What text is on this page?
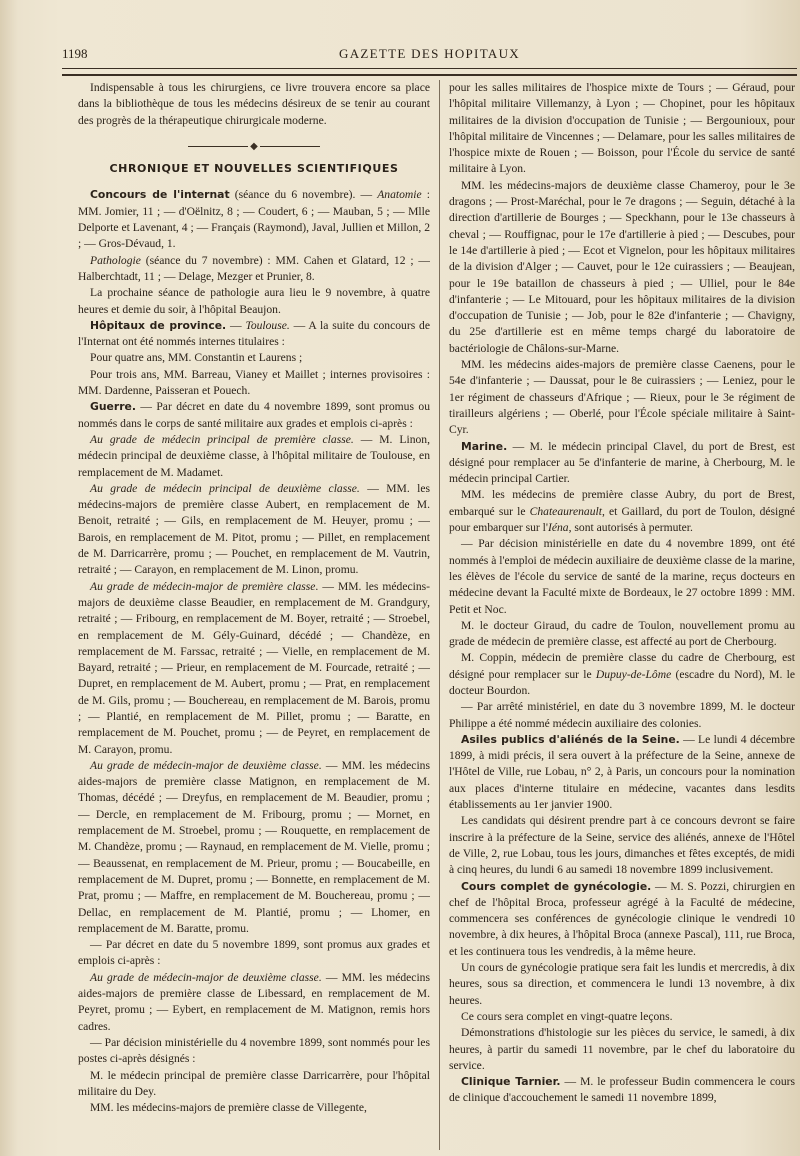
1198	GAZETTE DES HOPITAUX

Indispensable à tous les chirurgiens, ce livre trouvera encore sa place dans la bibliothèque de tous les médecins désireux de se tenir au courant des progrès de la thérapeutique chirurgicale moderne.

◆
CHRONIQUE ET NOUVELLES SCIENTIFIQUES

Concours de l'internat (séance du 6 novembre). — Anatomie : MM. Jomier, 11 ; — d'Oëlnitz, 8 ; — Coudert, 6 ; — Mauban, 5 ; — Mlle Delporte et Lavenant, 4 ; — Français (Raymond), Javal, Jullien et Millon, 2 ; — Gros-Dévaud, 1.

Pathologie (séance du 7 novembre) : MM. Cahen et Glatard, 12 ; — Halberchtadt, 11 ; — Delage, Mezger et Prunier, 8.

La prochaine séance de pathologie aura lieu le 9 novembre, à quatre heures et demie du soir, à l'hôpital Beaujon.

Hôpitaux de province. — Toulouse. — A la suite du concours de l'Internat ont été nommés internes titulaires :

Pour quatre ans, MM. Constantin et Laurens ;

Pour trois ans, MM. Barreau, Vianey et Maillet ; internes provisoires : MM. Dardenne, Paisseran et Pouech.

Guerre. — Par décret en date du 4 novembre 1899, sont promus ou nommés dans le corps de santé militaire aux grades et emplois ci-après :

Au grade de médecin principal de première classe. — M. Linon, médecin principal de deuxième classe, à l'hôpital militaire de Toulouse, en remplacement de M. Madamet.

Au grade de médecin principal de deuxième classe. — MM. les médecins-majors de première classe Aubert, en remplacement de M. Benoit, retraité ; — Gils, en remplacement de M. Heuyer, promu ; — Barois, en remplacement de M. Pitot, promu ; — Pillet, en remplacement de M. Darricarrère, promu ; — Pouchet, en remplacement de M. Vautrin, retraité ; — Carayon, en remplacement de M. Linon, promu.

Au grade de médecin-major de première classe. — MM. les médecins-majors de deuxième classe Beaudier, en remplacement de M. Grandgury, retraité ; — Fribourg, en remplacement de M. Boyer, retraité ; — Stroebel, en remplacement de M. Gély-Guinard, décédé ; — Chandèze, en remplacement de M. Farssac, retraité ; — Vielle, en remplacement de M. Bayard, retraité ; — Prieur, en remplacement de M. Fourcade, retraité ; — Dupret, en remplacement de M. Aubert, promu ; — Prat, en remplacement de M. Gils, promu ; — Bouchereau, en remplacement de M. Barois, promu ; — Plantié, en remplacement de M. Pillet, promu ; — Baratte, en remplacement de M. Pouchet, promu ; — de Peyret, en remplacement de M. Carayon, promu.

Au grade de médecin-major de deuxième classe. — MM. les médecins aides-majors de première classe Matignon, en remplacement de M. Thomas, décédé ; — Dreyfus, en remplacement de M. Beaudier, promu ; — Dercle, en remplacement de M. Fribourg, promu ; — Mornet, en remplacement de M. Stroebel, promu ; — Rouquette, en remplacement de M. Chandèze, promu ; — Raynaud, en remplacement de M. Vielle, promu ; — Beaussenat, en remplacement de M. Prieur, promu ; — Boucabeille, en remplacement de M. Dupret, promu ; — Bonnette, en remplacement de M. Prat, promu ; — Maffre, en remplacement de M. Bouchereau, promu ; — Dellac, en remplacement de M. Plantié, promu ; — Lhomer, en remplacement de M. Baratte, promu.

— Par décret en date du 5 novembre 1899, sont promus aux grades et emplois ci-après :

Au grade de médecin-major de deuxième classe. — MM. les médecins aides-majors de première classe de Libessard, en remplacement de M. Peyret, promu ; — Eybert, en remplacement de M. Matignon, remis hors cadres.

— Par décision ministérielle du 4 novembre 1899, sont nommés pour les postes ci-après désignés :

M. le médecin principal de première classe Darricarrère, pour l'hôpital militaire du Dey.

MM. les médecins-majors de première classe de Villegente,

pour les salles militaires de l'hospice mixte de Tours ; — Géraud, pour l'hôpital militaire Villemanzy, à Lyon ; — Chopinet, pour les hôpitaux militaires de la division d'occupation de Tunisie ; — Bergounioux, pour l'hôpital militaire de Vincennes ; — Delamare, pour les salles militaires de l'hospice mixte de Rouen ; — Boisson, pour l'École du service de santé militaire à Lyon.

MM. les médecins-majors de deuxième classe Chameroy, pour le 3e dragons ; — Prost-Maréchal, pour le 7e dragons ; — Seguin, détaché à la direction d'artillerie de Bourges ; — Speckhann, pour le 13e chasseurs à cheval ; — Rouffignac, pour le 17e d'artillerie à pied ; — Descubes, pour le 14e d'artillerie à pied ; — Ecot et Vignelon, pour les hôpitaux militaires de la division d'Alger ; — Cauvet, pour le 12e cuirassiers ; — Beaujean, pour le 19e bataillon de chasseurs à pied ; — Ulliel, pour le 84e d'infanterie ; — Le Mitouard, pour les hôpitaux militaires de la division d'occupation de Tunisie ; — Job, pour le 82e d'infanterie ; — Chavigny, du 25e d'artillerie est en même temps chargé du laboratoire de bactériologie de Châlons-sur-Marne.

MM. les médecins aides-majors de première classe Caenens, pour le 54e d'infanterie ; — Daussat, pour le 8e cuirassiers ; — Leniez, pour le 1er régiment de chasseurs d'Afrique ; — Rieux, pour le 3e régiment de tirailleurs algériens ; — Oberlé, pour l'École spéciale militaire à Saint-Cyr.

Marine. — M. le médecin principal Clavel, du port de Brest, est désigné pour remplacer au 5e d'infanterie de marine, à Cherbourg, M. le médecin principal Cartier.

MM. les médecins de première classe Aubry, du port de Brest, embarqué sur le Chateaurenault, et Gaillard, du port de Toulon, désigné pour embarquer sur l'Iéna, sont autorisés à permuter.

— Par décision ministérielle en date du 4 novembre 1899, ont été nommés à l'emploi de médecin auxiliaire de deuxième classe de la marine, les élèves de l'école du service de santé de la marine, reçus docteurs en médecine devant la Faculté mixte de Bordeaux, le 27 octobre 1899 : MM. Petit et Noc.

M. le docteur Giraud, du cadre de Toulon, nouvellement promu au grade de médecin de première classe, est affecté au port de Cherbourg.

M. Coppin, médecin de première classe du cadre de Cherbourg, est désigné pour remplacer sur le Dupuy-de-Lôme (escadre du Nord), M. le docteur Bourdon.

— Par arrêté ministériel, en date du 3 novembre 1899, M. le docteur Philippe a été nommé médecin auxiliaire des colonies.

Asiles publics d'aliénés de la Seine. — Le lundi 4 décembre 1899, à midi précis, il sera ouvert à la préfecture de la Seine, annexe de l'Hôtel de Ville, rue Lobau, n° 2, à Paris, un concours pour la nomination aux places d'interne titulaire en médecine, vacantes dans lesdits établissements au 1er janvier 1900.

Les candidats qui désirent prendre part à ce concours devront se faire inscrire à la préfecture de la Seine, service des aliénés, annexe de l'Hôtel de Ville, 2, rue Lobau, tous les jours, dimanches et fêtes exceptés, de midi à cinq heures, du lundi 6 au samedi 18 novembre 1899 inclusivement.

Cours complet de gynécologie. — M. S. Pozzi, chirurgien en chef de l'hôpital Broca, professeur agrégé à la Faculté de médecine, commencera ses conférences de gynécologie clinique le vendredi 10 novembre, à dix heures, à l'hôpital Broca (annexe Pascal), 111, rue Broca, et les continuera tous les vendredis, à la même heure.

Un cours de gynécologie pratique sera fait les lundis et mercredis, à dix heures, sous sa direction, et commencera le lundi 13 novembre, à dix heures.

Ce cours sera complet en vingt-quatre leçons.

Démonstrations d'histologie sur les pièces du service, le samedi, à dix heures, à partir du samedi 11 novembre, par le chef du laboratoire du service.

Clinique Tarnier. — M. le professeur Budin commencera le cours de clinique d'accouchement le samedi 11 novembre 1899,
